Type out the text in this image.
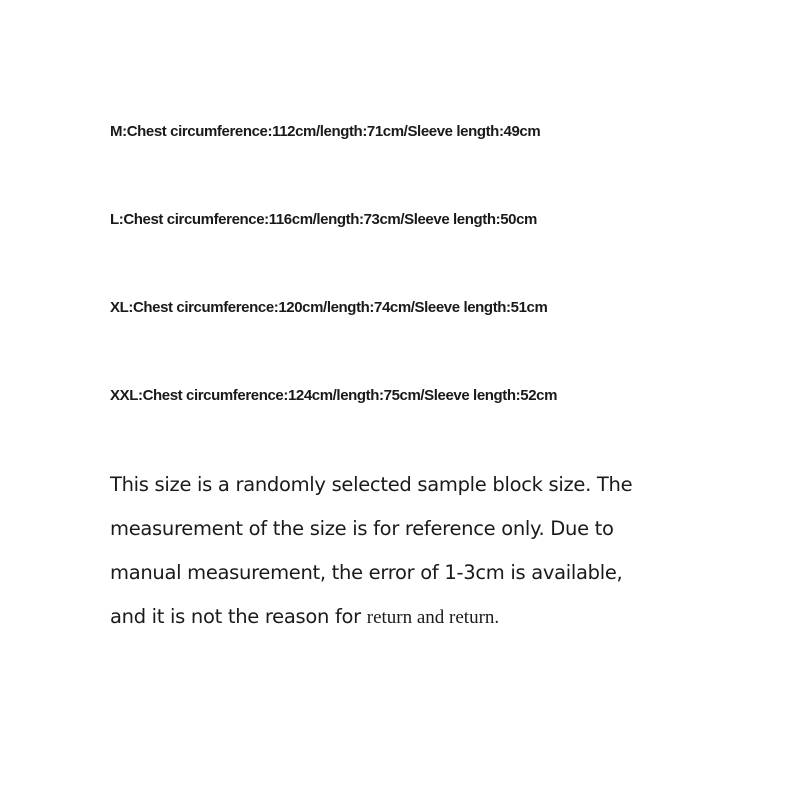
M:Chest circumference:112cm/length:71cm/Sleeve length:49cm

L:Chest circumference:116cm/length:73cm/Sleeve length:50cm

XL:Chest circumference:120cm/length:74cm/Sleeve length:51cm

XXL:Chest circumference:124cm/length:75cm/Sleeve length:52cm

This size is a randomly selected sample block size. The
measurement of the size is for reference only. Due to
manual measurement, the error of 1-3cm is available,
and it is not the reason for return and return.
